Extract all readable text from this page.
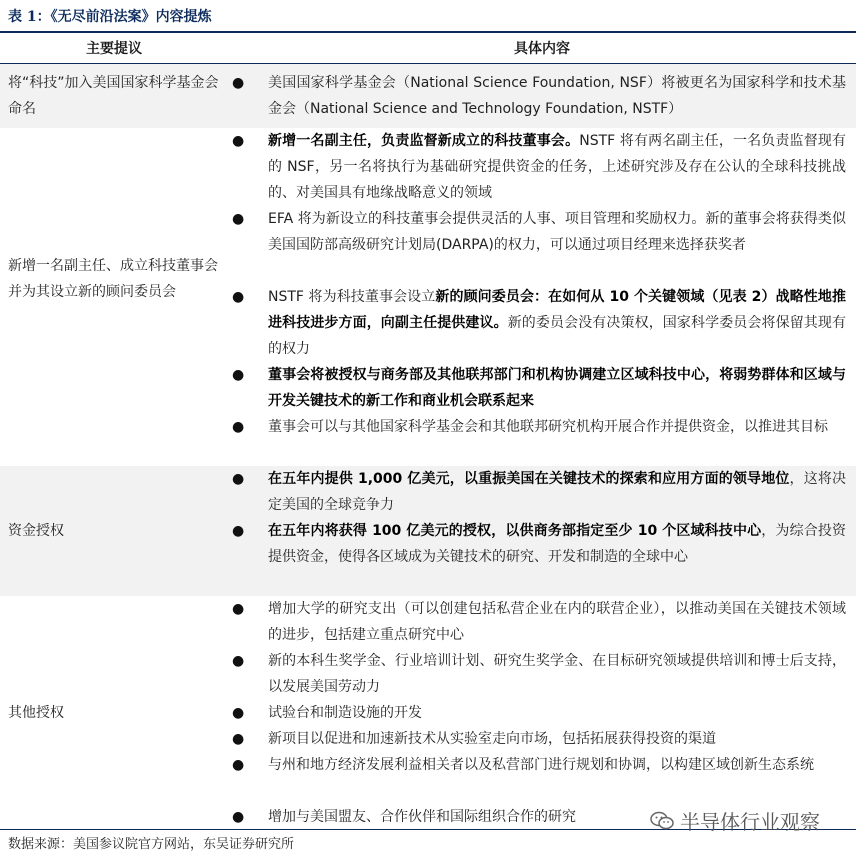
表 1：《无尽前沿法案》内容提炼
主要提议	具体内容
将“科技”加入美国国家科学基金会命名
● 美国国家科学基金会（National Science Foundation, NSF）将被更名为国家科学和技术基金会（National Science and Technology Foundation, NSTF）
新增一名副主任、成立科技董事会并为其设立新的顾问委员会
● 新增一名副主任，负责监督新成立的科技董事会。NSTF 将有两名副主任，一名负责监督现有的 NSF，另一名将执行为基础研究提供资金的任务，上述研究涉及存在公认的全球科技挑战的、对美国具有地缘战略意义的领域
● EFA 将为新设立的科技董事会提供灵活的人事、项目管理和奖励权力。新的董事会将获得类似美国国防部高级研究计划局(DARPA)的权力，可以通过项目经理来选择获奖者
● NSTF 将为科技董事会设立新的顾问委员会：在如何从 10 个关键领域（见表 2）战略性地推进科技进步方面，向副主任提供建议。新的委员会没有决策权，国家科学委员会将保留其现有的权力
● 董事会将被授权与商务部及其他联邦部门和机构协调建立区域科技中心，将弱势群体和区域与开发关键技术的新工作和商业机会联系起来
● 董事会可以与其他国家科学基金会和其他联邦研究机构开展合作并提供资金，以推进其目标
资金授权
● 在五年内提供 1,000 亿美元，以重振美国在关键技术的探索和应用方面的领导地位，这将决定美国的全球竞争力
● 在五年内将获得 100 亿美元的授权，以供商务部指定至少 10 个区域科技中心，为综合投资提供资金，使得各区域成为关键技术的研究、开发和制造的全球中心
其他授权
● 增加大学的研究支出（可以创建包括私营企业在内的联营企业），以推动美国在关键技术领域的进步，包括建立重点研究中心
● 新的本科生奖学金、行业培训计划、研究生奖学金、在目标研究领域提供培训和博士后支持，以发展美国劳动力
● 试验台和制造设施的开发
● 新项目以促进和加速新技术从实验室走向市场，包括拓展获得投资的渠道
● 与州和地方经济发展利益相关者以及私营部门进行规划和协调，以构建区域创新生态系统
● 增加与美国盟友、合作伙伴和国际组织合作的研究
数据来源：美国参议院官方网站，东吴证券研究所
半导体行业观察
